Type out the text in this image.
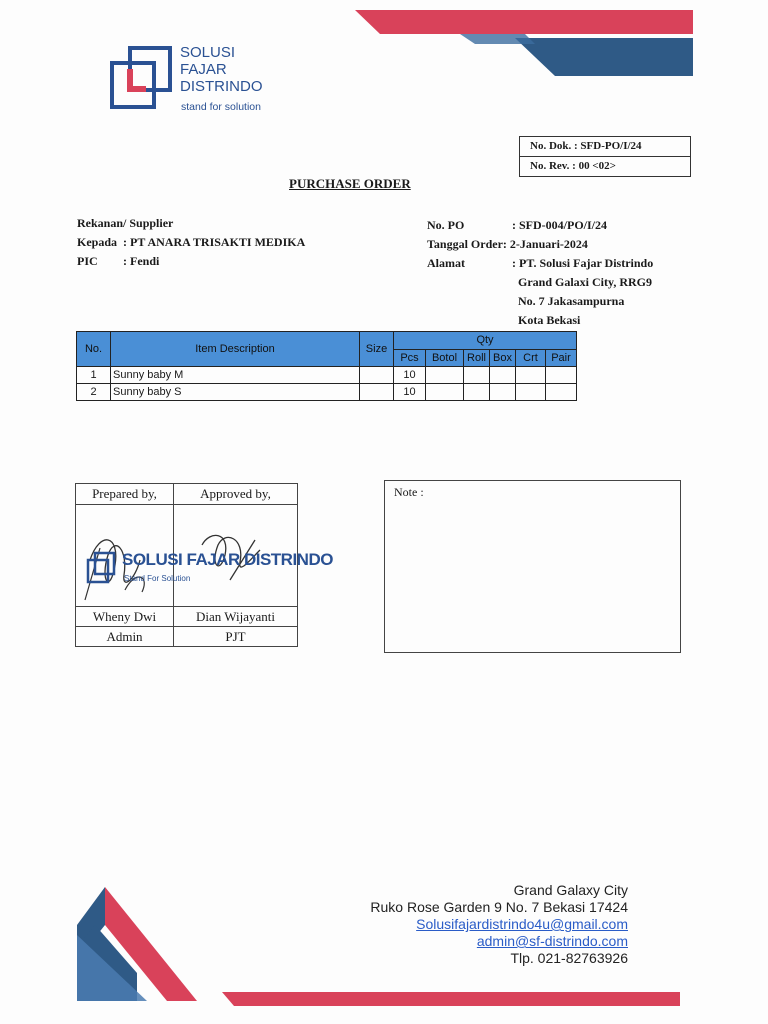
SOLUSI
FAJAR
DISTRINDO
stand for solution
No. Dok. : SFD-PO/I/24
No. Rev. : 00 <02>
PURCHASE ORDER
Rekanan/ Supplier
Kepada : PT ANARA TRISAKTI MEDIKA
PIC : Fendi
No. PO	: SFD-004/PO/I/24
Tanggal Order: 2-Januari-2024
Alamat	: PT. Solusi Fajar Distrindo
Grand Galaxi City, RRG9
No. 7 Jakasampurna
Kota Bekasi
No.	Item Description	Size	Qty					
			Pcs	Botol	Roll	Box	Crt	Pair
1	Sunny baby M		10					
2	Sunny baby S		10					
Prepared by,	Approved by,

Wheny Dwi	Dian Wijayanti
Admin	PJT
SOLUSI FAJAR DISTRINDO
Stand For Solution
Note :
Grand Galaxy City
Ruko Rose Garden 9 No. 7 Bekasi 17424
Solusifajardistrindo4u@gmail.com
admin@sf-distrindo.com
Tlp. 021-82763926
